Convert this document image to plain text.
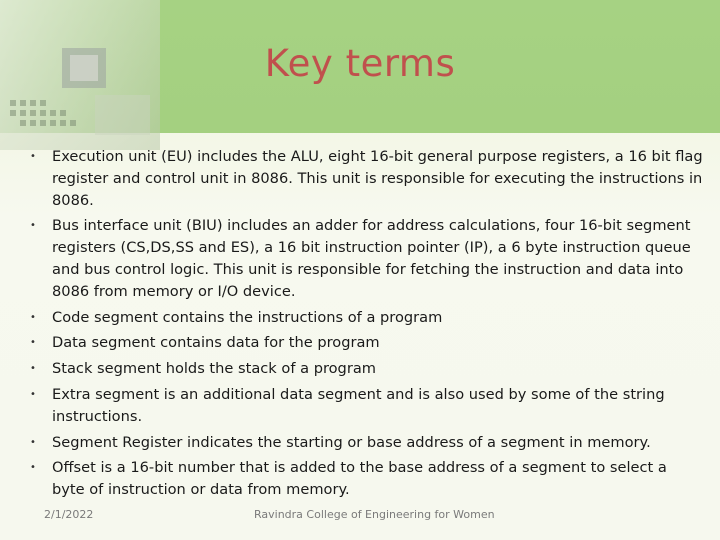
Key terms
• Execution unit (EU) includes the ALU, eight 16-bit general purpose registers, a 16 bit flag register and control unit in 8086. This unit is responsible for executing the instructions in 8086.
• Bus interface unit (BIU) includes an adder for address calculations, four 16-bit segment registers (CS,DS,SS and ES), a 16 bit instruction pointer (IP), a 6 byte instruction queue and bus control logic. This unit is responsible for fetching the instruction and data into 8086 from memory or I/O device.
• Code segment contains the instructions of a program
• Data segment contains data for the program
• Stack segment holds the stack of a program
• Extra segment is an additional data segment and is also used by some of the string instructions.
• Segment Register indicates the starting or base address of a segment in memory.
• Offset is a 16-bit number that is added to the base address of a segment to select a byte of instruction or data from memory.
2/1/2022	Ravindra College of Engineering for Women
